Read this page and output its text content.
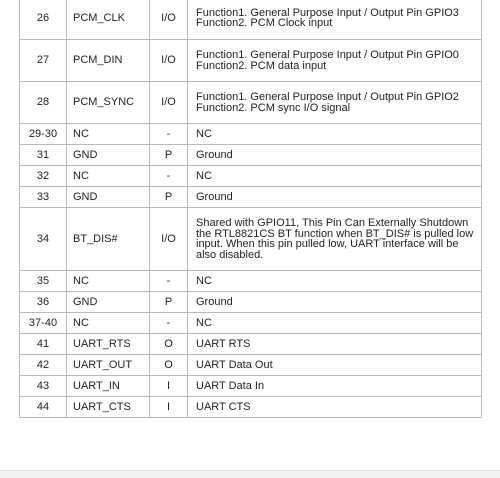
26	PCM_CLK	I/O	Function1. General Purpose Input / Output Pin GPIO3
Function2. PCM Clock input

27	PCM_DIN	I/O	Function1. General Purpose Input / Output Pin GPIO0
Function2. PCM data input

28	PCM_SYNC	I/O	Function1. General Purpose Input / Output Pin GPIO2
Function2. PCM sync I/O signal

29-30	NC	-	NC

31	GND	P	Ground

32	NC	-	NC

33	GND	P	Ground

34	BT_DIS#	I/O	Shared with GPIO11, This Pin Can Externally Shutdown
the RTL8821CS BT function when BT_DIS# is pulled low
input. When this pin pulled low, UART interface will be
also disabled.

35	NC	-	NC

36	GND	P	Ground

37-40	NC	-	NC

41	UART_RTS	O	UART RTS

42	UART_OUT	O	UART Data Out

43	UART_IN	I	UART Data In

44	UART_CTS	I	UART CTS
